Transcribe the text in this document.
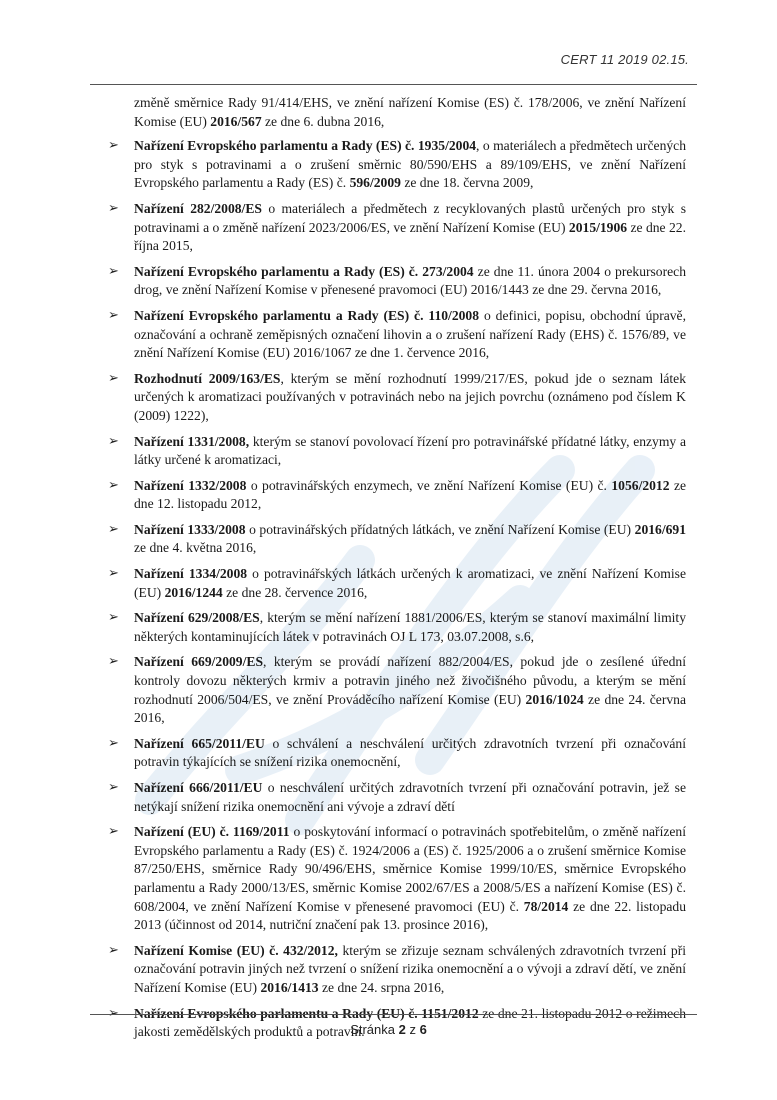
CERT 11 2019 02.15.

změně směrnice Rady 91/414/EHS, ve znění nařízení Komise (ES) č. 178/2006, ve znění Nařízení Komise (EU) 2016/567 ze dne 6. dubna 2016,

➢ Nařízení Evropského parlamentu a Rady (ES) č. 1935/2004, o materiálech a předmětech určených pro styk s potravinami a o zrušení směrnic 80/590/EHS a 89/109/EHS, ve znění Nařízení Evropského parlamentu a Rady (ES) č. 596/2009 ze dne 18. června 2009,

➢ Nařízení 282/2008/ES o materiálech a předmětech z recyklovaných plastů určených pro styk s potravinami a o změně nařízení 2023/2006/ES, ve znění Nařízení Komise (EU) 2015/1906 ze dne 22. října 2015,

➢ Nařízení Evropského parlamentu a Rady (ES) č. 273/2004 ze dne 11. února 2004 o prekursorech drog, ve znění Nařízení Komise v přenesené pravomoci (EU) 2016/1443 ze dne 29. června 2016,

➢ Nařízení Evropského parlamentu a Rady (ES) č. 110/2008 o definici, popisu, obchodní úpravě, označování a ochraně zeměpisných označení lihovin a o zrušení nařízení Rady (EHS) č. 1576/89, ve znění Nařízení Komise (EU) 2016/1067 ze dne 1. července 2016,

➢ Rozhodnutí 2009/163/ES, kterým se mění rozhodnutí 1999/217/ES, pokud jde o seznam látek určených k aromatizaci používaných v potravinách nebo na jejich povrchu (oznámeno pod číslem K (2009) 1222),

➢ Nařízení 1331/2008, kterým se stanoví povolovací řízení pro potravinářské přídatné látky, enzymy a látky určené k aromatizaci,

➢ Nařízení 1332/2008 o potravinářských enzymech, ve znění Nařízení Komise (EU) č. 1056/2012 ze dne 12. listopadu 2012,

➢ Nařízení 1333/2008 o potravinářských přídatných látkách, ve znění Nařízení Komise (EU) 2016/691 ze dne 4. května 2016,

➢ Nařízení 1334/2008 o potravinářských látkách určených k aromatizaci, ve znění Nařízení Komise (EU) 2016/1244 ze dne 28. července 2016,

➢ Nařízení 629/2008/ES, kterým se mění nařízení 1881/2006/ES, kterým se stanoví maximální limity některých kontaminujících látek v potravinách OJ L 173, 03.07.2008, s.6,

➢ Nařízení 669/2009/ES, kterým se provádí nařízení 882/2004/ES, pokud jde o zesílené úřední kontroly dovozu některých krmiv a potravin jiného než živočišného původu, a kterým se mění rozhodnutí 2006/504/ES, ve znění Prováděcího nařízení Komise (EU) 2016/1024 ze dne 24. června 2016,

➢ Nařízení 665/2011/EU o schválení a neschválení určitých zdravotních tvrzení při označování potravin týkajících se snížení rizika onemocnění,

➢ Nařízení 666/2011/EU o neschválení určitých zdravotních tvrzení při označování potravin, jež se netýkají snížení rizika onemocnění ani vývoje a zdraví dětí

➢ Nařízení (EU) č. 1169/2011 o poskytování informací o potravinách spotřebitelům, o změně nařízení Evropského parlamentu a Rady (ES) č. 1924/2006 a (ES) č. 1925/2006 a o zrušení směrnice Komise 87/250/EHS, směrnice Rady 90/496/EHS, směrnice Komise 1999/10/ES, směrnice Evropského parlamentu a Rady 2000/13/ES, směrnic Komise 2002/67/ES a 2008/5/ES a nařízení Komise (ES) č. 608/2004, ve znění Nařízení Komise v přenesené pravomoci (EU) č. 78/2014 ze dne 22. listopadu 2013 (účinnost od 2014, nutriční značení pak 13. prosince 2016),

➢ Nařízení Komise (EU) č. 432/2012, kterým se zřizuje seznam schválených zdravotních tvrzení při označování potravin jiných než tvrzení o snížení rizika onemocnění a o vývoji a zdraví dětí, ve znění Nařízení Komise (EU) 2016/1413 ze dne 24. srpna 2016,

jakosti zemědělských produktů a potravin.

Stránka 2 z 6
